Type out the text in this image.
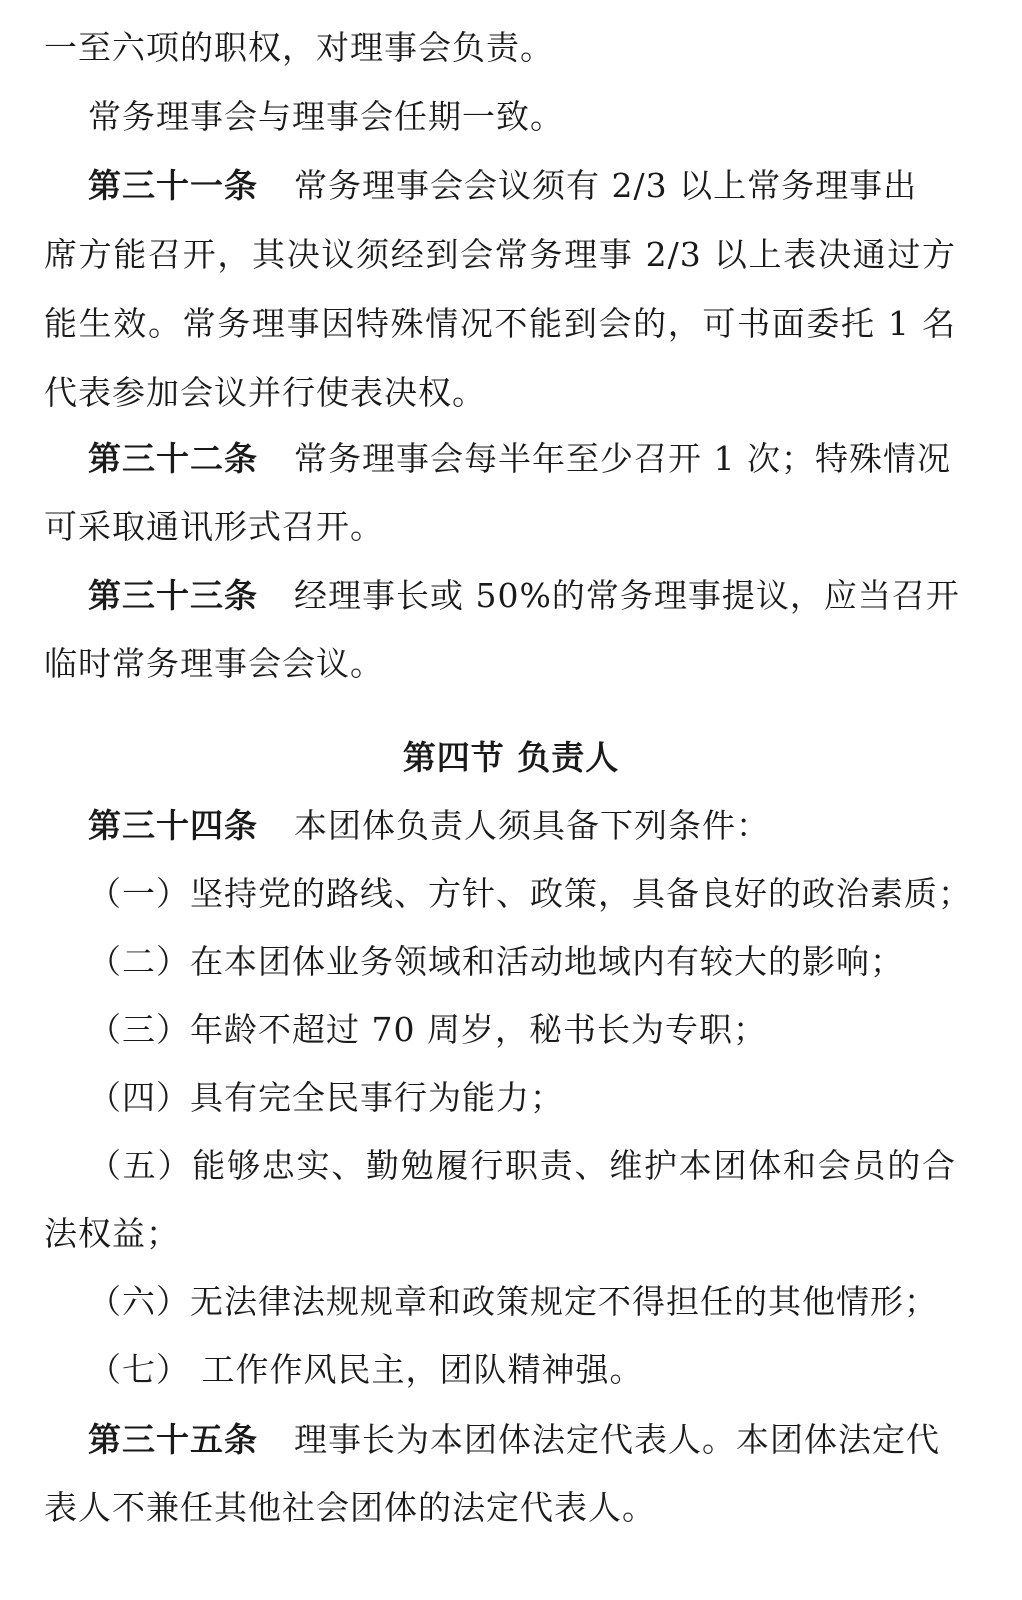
一至六项的职权，对理事会负责。
常务理事会与理事会任期一致。
第三十一条 常务理事会会议须有 2/3 以上常务理事出
席方能召开，其决议须经到会常务理事 2/3 以上表决通过方
能生效。常务理事因特殊情况不能到会的，可书面委托 1 名
代表参加会议并行使表决权。
第三十二条 常务理事会每半年至少召开 1 次；特殊情况
可采取通讯形式召开。
第三十三条 经理事长或 50%的常务理事提议，应当召开
临时常务理事会会议。
第四节 负责人
第三十四条 本团体负责人须具备下列条件：
（一）坚持党的路线、方针、政策，具备良好的政治素质；
（二）在本团体业务领域和活动地域内有较大的影响；
（三）年龄不超过 70 周岁，秘书长为专职；
（四）具有完全民事行为能力；
（五）能够忠实、勤勉履行职责、维护本团体和会员的合
法权益；
（六）无法律法规规章和政策规定不得担任的其他情形；
（七） 工作作风民主，团队精神强。
第三十五条 理事长为本团体法定代表人。本团体法定代
表人不兼任其他社会团体的法定代表人。
